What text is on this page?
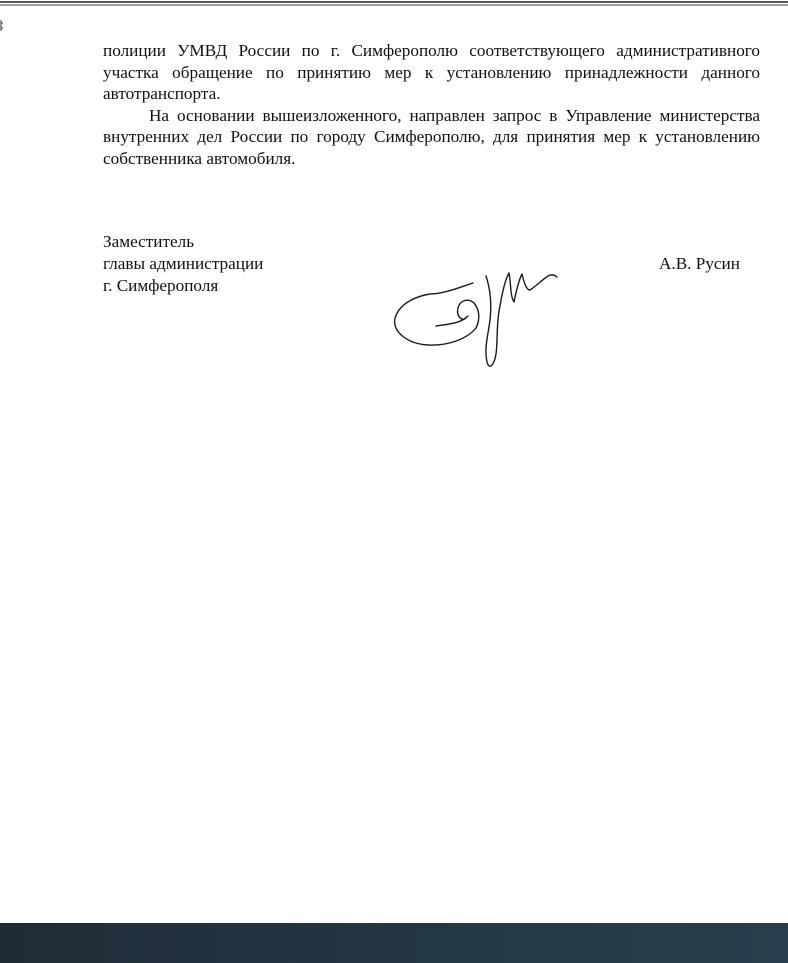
полиции УМВД России по г. Симферополю соответствующего административного участка обращение по принятию мер к установлению принадлежности данного автотранспорта.

На основании вышеизложенного, направлен запрос в Управление министерства внутренних дел России по городу Симферополю, для принятия мер к установлению собственника автомобиля.

Заместитель
главы администрации
г. Симферополя
А.В. Русин
